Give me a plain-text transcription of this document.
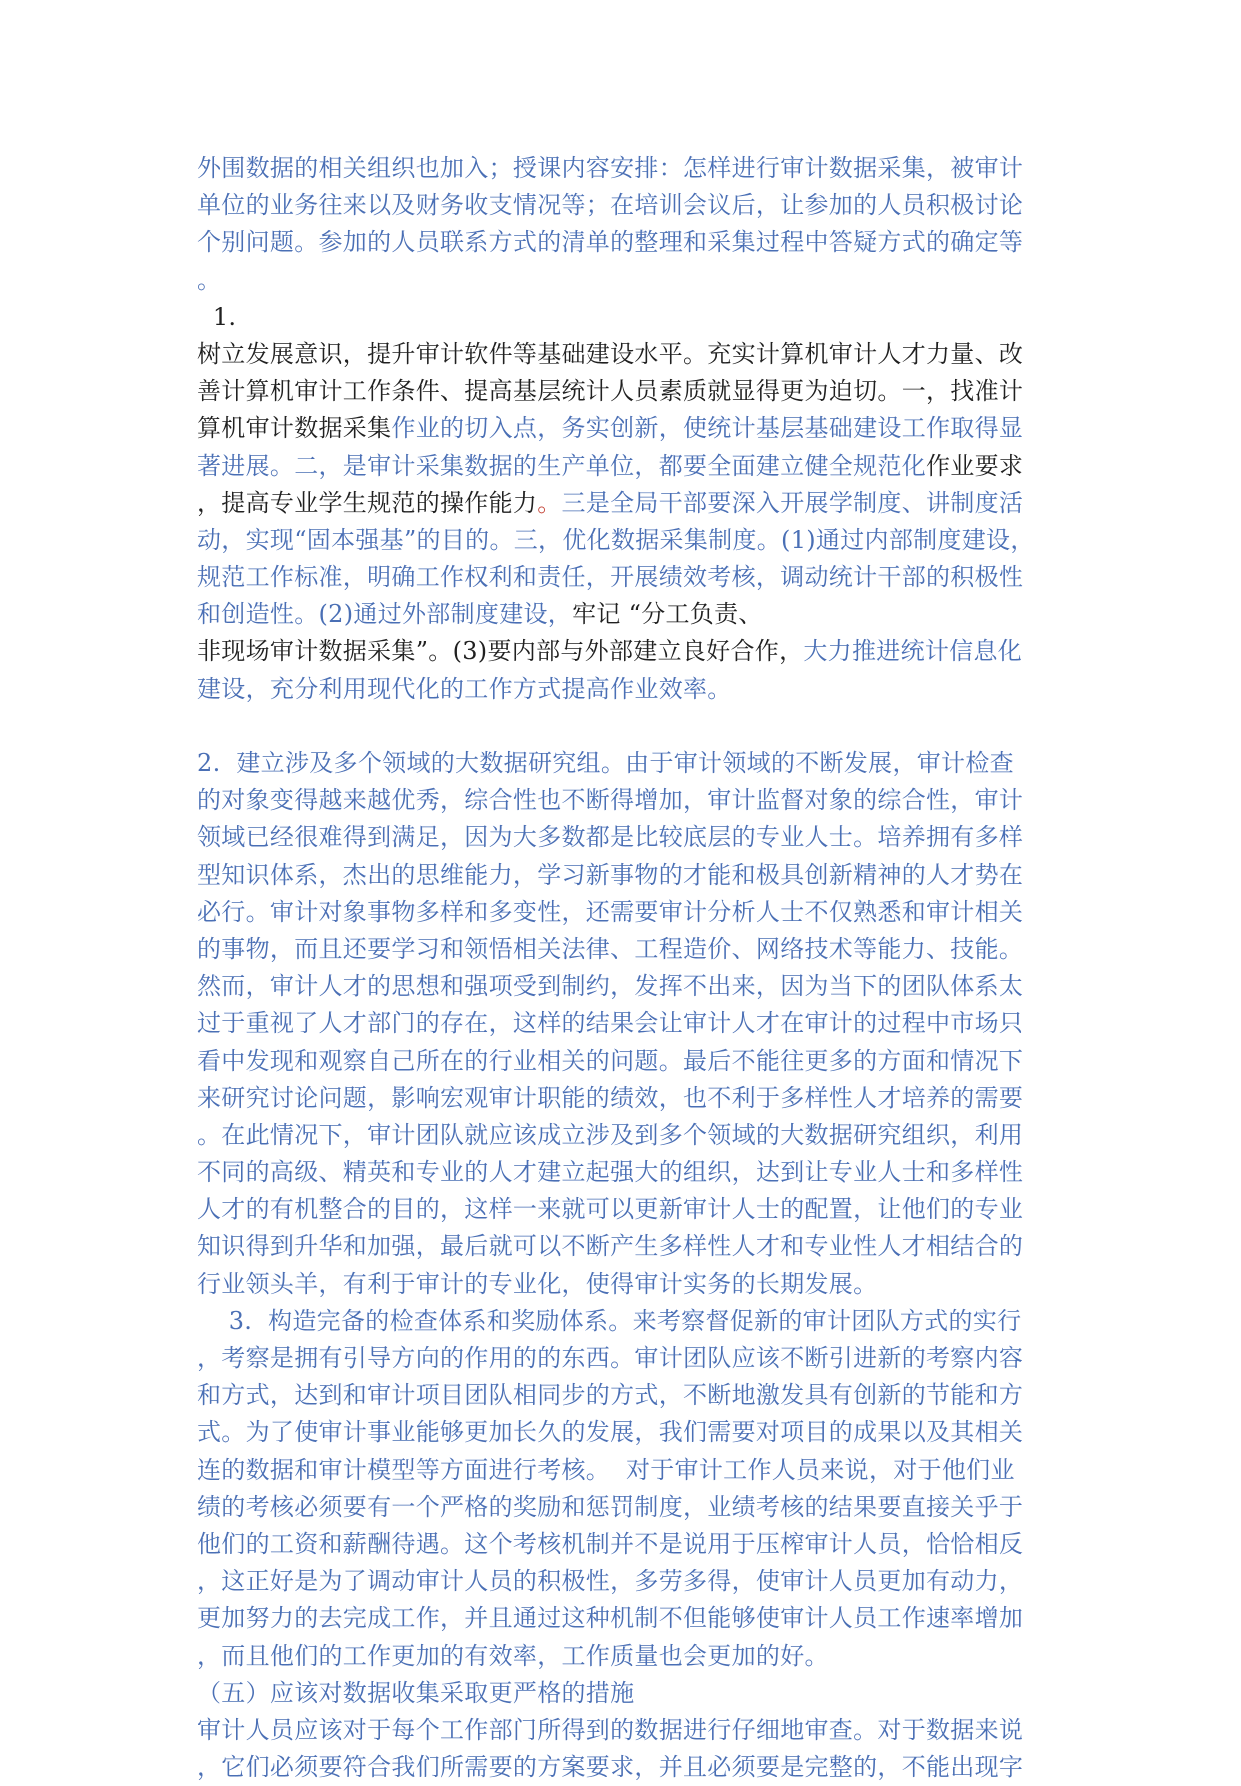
外围数据的相关组织也加入；授课内容安排：怎样进行审计数据采集，被审计
单位的业务往来以及财务收支情况等；在培训会议后，让参加的人员积极讨论
个别问题。参加的人员联系方式的清单的整理和采集过程中答疑方式的确定等
。
1.
树立发展意识，提升审计软件等基础建设水平。充实计算机审计人才力量、改
善计算机审计工作条件、提高基层统计人员素质就显得更为迫切。一，找准计
算机审计数据采集作业的切入点，务实创新，使统计基层基础建设工作取得显
著进展。二，是审计采集数据的生产单位，都要全面建立健全规范化作业要求
，提高专业学生规范的操作能力。三是全局干部要深入开展学制度、讲制度活
动，实现“固本强基”的目的。三，优化数据采集制度。(1)通过内部制度建设，
规范工作标准，明确工作权利和责任，开展绩效考核，调动统计干部的积极性
和创造性。(2)通过外部制度建设，牢记 “分工负责、
非现场审计数据采集”。(3)要内部与外部建立良好合作，大力推进统计信息化
建设，充分利用现代化的工作方式提高作业效率。
2.  建立涉及多个领域的大数据研究组。由于审计领域的不断发展，审计检查
的对象变得越来越优秀，综合性也不断得增加，审计监督对象的综合性，审计
领域已经很难得到满足，因为大多数都是比较底层的专业人士。培养拥有多样
型知识体系，杰出的思维能力，学习新事物的才能和极具创新精神的人才势在
必行。审计对象事物多样和多变性，还需要审计分析人士不仅熟悉和审计相关
的事物，而且还要学习和领悟相关法律、工程造价、网络技术等能力、技能。
然而，审计人才的思想和强项受到制约，发挥不出来，因为当下的团队体系太
过于重视了人才部门的存在，这样的结果会让审计人才在审计的过程中市场只
看中发现和观察自己所在的行业相关的问题。最后不能往更多的方面和情况下
来研究讨论问题，影响宏观审计职能的绩效，也不利于多样性人才培养的需要
。在此情况下，审计团队就应该成立涉及到多个领域的大数据研究组织，利用
不同的高级、精英和专业的人才建立起强大的组织，达到让专业人士和多样性
人才的有机整合的目的，这样一来就可以更新审计人士的配置，让他们的专业
知识得到升华和加强，最后就可以不断产生多样性人才和专业性人才相结合的
行业领头羊，有利于审计的专业化，使得审计实务的长期发展。
3.  构造完备的检查体系和奖励体系。来考察督促新的审计团队方式的实行
，考察是拥有引导方向的作用的的东西。审计团队应该不断引进新的考察内容
和方式，达到和审计项目团队相同步的方式，不断地激发具有创新的节能和方
式。为了使审计事业能够更加长久的发展，我们需要对项目的成果以及其相关
连的数据和审计模型等方面进行考核。  对于审计工作人员来说，对于他们业
绩的考核必须要有一个严格的奖励和惩罚制度，业绩考核的结果要直接关乎于
他们的工资和薪酬待遇。这个考核机制并不是说用于压榨审计人员，恰恰相反
，这正好是为了调动审计人员的积极性，多劳多得，使审计人员更加有动力，
更加努力的去完成工作，并且通过这种机制不但能够使审计人员工作速率增加
，而且他们的工作更加的有效率，工作质量也会更加的好。
（五）应该对数据收集采取更严格的措施
审计人员应该对于每个工作部门所得到的数据进行仔细地审查。对于数据来说
，它们必须要符合我们所需要的方案要求，并且必须要是完整的，不能出现字
